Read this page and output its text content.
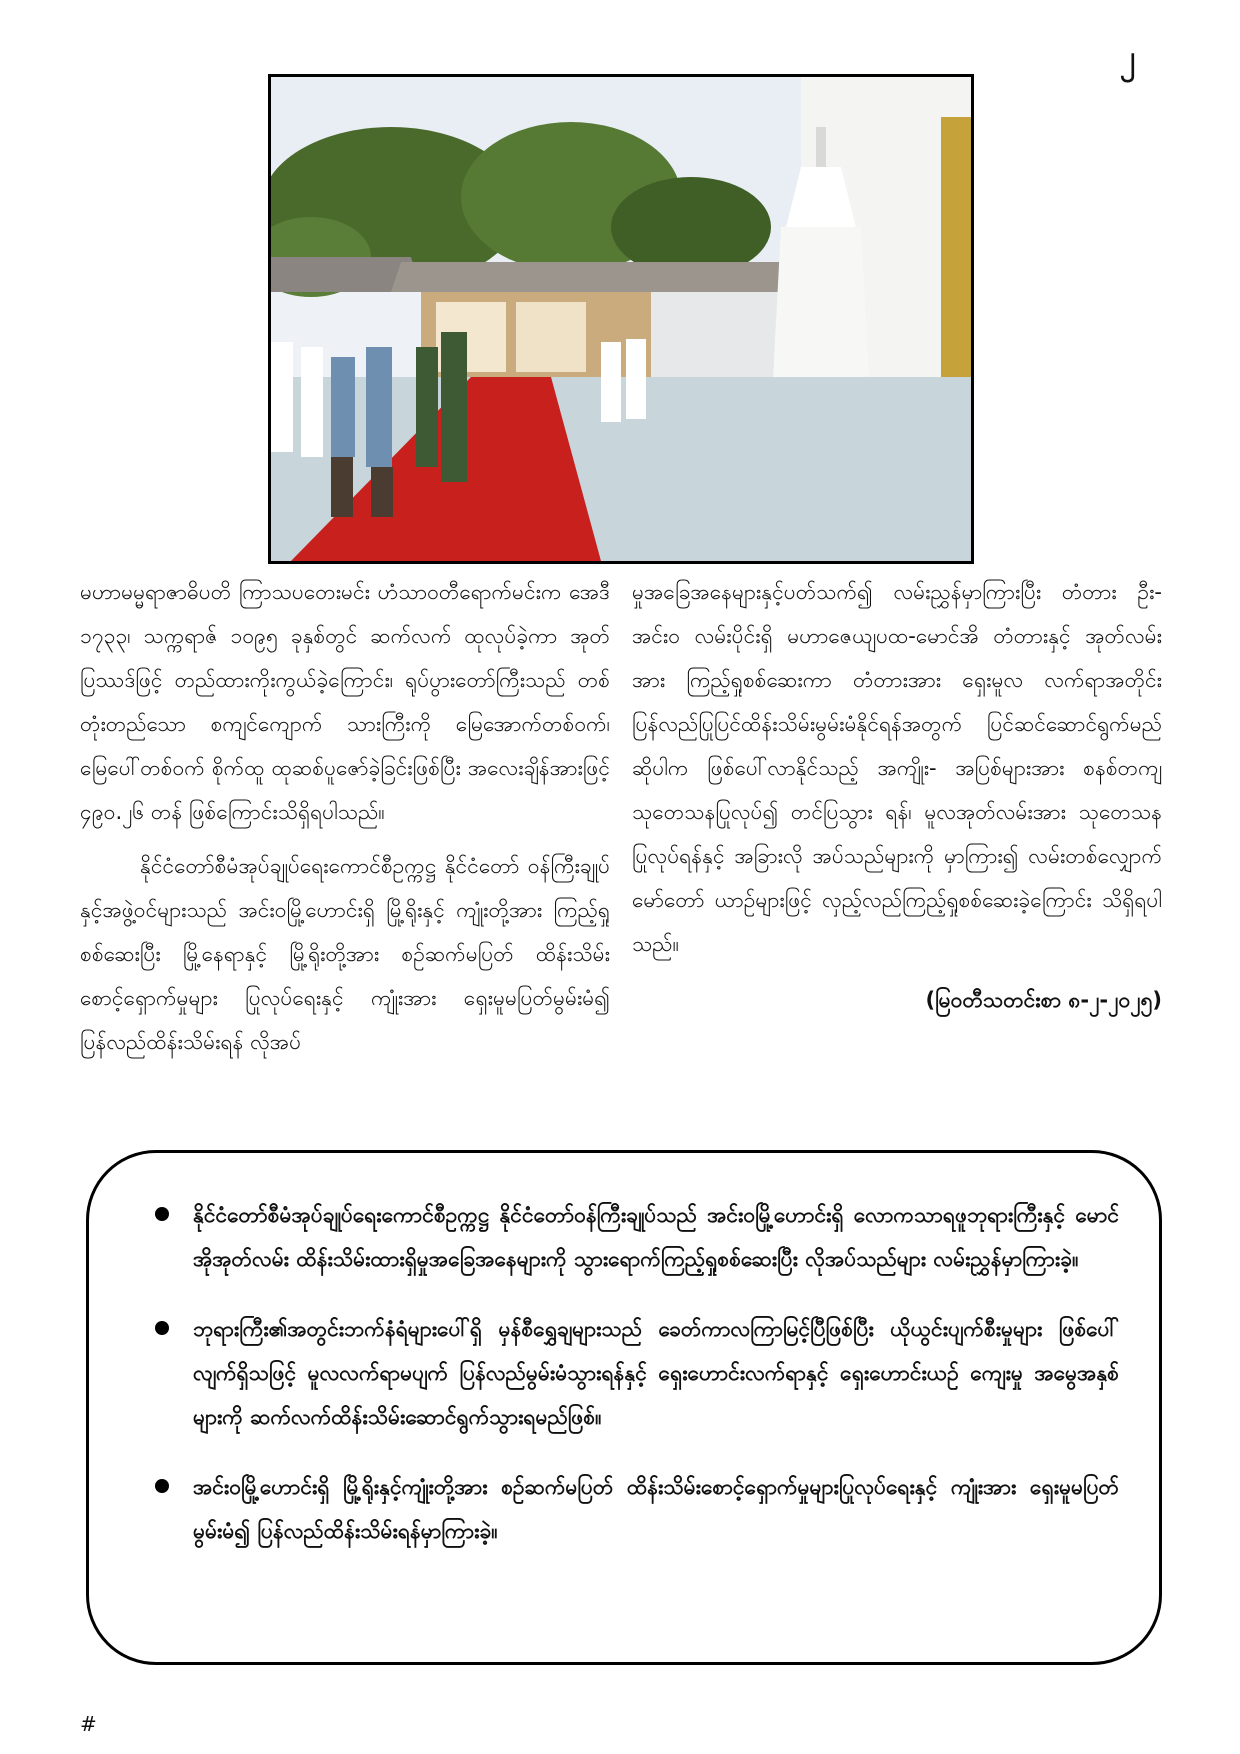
၂

မဟာမမ္မရာဇာဓိပတိ ကြာသပတေးမင်း ဟံသာဝတီရောက်မင်းက အေဒီ ၁၇၃၃၊ သက္ကရာဇ် ၁၀၉၅ ခုနှစ်တွင် ဆက်လက် ထုလုပ်ခဲ့ကာ အုတ်ပြဿဒ်ဖြင့် တည်ထားကိုးကွယ်ခဲ့ကြောင်း၊ ရုပ်ပွားတော်ကြီးသည် တစ်တုံးတည်သော စကျင်ကျောက် သားကြီးကို မြေအောက်တစ်ဝက်၊ မြေပေါ်တစ်ဝက် စိုက်ထူ ထုဆစ်ပူဇော်ခဲ့ခြင်းဖြစ်ပြီး အလေးချိန်အားဖြင့် ၄၉၀.၂၆ တန် ဖြစ်ကြောင်းသိရှိရပါသည်။

နိုင်ငံတော်စီမံအုပ်ချုပ်ရေးကောင်စီဥက္ကဋ္ဌ နိုင်ငံတော် ဝန်ကြီးချုပ်နှင့်အဖွဲ့ဝင်များသည် အင်းဝမြို့ဟောင်းရှိ မြို့ရိုးနှင့် ကျုံးတို့အား ကြည့်ရှုစစ်ဆေးပြီး မြို့နေရာနှင့် မြို့ရိုးတို့အား စဉ်ဆက်မပြတ် ထိန်းသိမ်းစောင့်ရှောက်မှုများ ပြုလုပ်ရေးနှင့် ကျုံးအား ရှေးမူမပြတ်မွမ်းမံ၍ ပြန်လည်ထိန်းသိမ်းရန် လိုအပ်

မှုအခြေအနေများနှင့်ပတ်သက်၍ လမ်းညွှန်မှာကြားပြီး တံတား ဦး-အင်း၀ လမ်းပိုင်းရှိ မဟာဇေယျပထ-မောင်အိ တံတားနှင့် အုတ်လမ်းအား ကြည့်ရှုစစ်ဆေးကာ တံတားအား ရှေးမူလ လက်ရာအတိုင်း ပြန်လည်ပြုပြင်ထိန်းသိမ်းမွမ်းမံနိုင်ရန်အတွက် ပြင်ဆင်ဆောင်ရွက်မည်ဆိုပါက ဖြစ်ပေါ်လာနိုင်သည့် အကျိုး- အပြစ်များအား စနစ်တကျ သုတေသနပြုလုပ်၍ တင်ပြသွား ရန်၊ မူလအုတ်လမ်းအား သုတေသနပြုလုပ်ရန်နှင့် အခြားလို အပ်သည်များကို မှာကြား၍ လမ်းတစ်လျှောက် မော်တော် ယာဉ်များဖြင့် လှည့်လည်ကြည့်ရှုစစ်ဆေးခဲ့ကြောင်း သိရှိရပါ သည်။

(မြဝတီသတင်းစာ ၈-၂-၂၀၂၅)

နိုင်ငံတော်စီမံအုပ်ချုပ်ရေးကောင်စီဥက္ကဋ္ဌ နိုင်ငံတော်ဝန်ကြီးချုပ်သည် အင်းဝမြို့ဟောင်းရှိ လောကသာရဖူဘုရားကြီးနှင့် မောင်အိုအုတ်လမ်း ထိန်းသိမ်းထားရှိမှုအခြေအနေများကို သွားရောက်ကြည့်ရှုစစ်ဆေးပြီး လိုအပ်သည်များ လမ်းညွှန်မှာကြားခဲ့။
ဘုရားကြီး၏အတွင်းဘက်နံရံများပေါ်ရှိ မှန်စီရွှေချများသည် ခေတ်ကာလကြာမြင့်ပြီဖြစ်ပြီး ယိုယွင်းပျက်စီးမှုများ ဖြစ်ပေါ်လျက်ရှိသဖြင့် မူလလက်ရာမပျက် ပြန်လည်မွမ်းမံသွားရန်နှင့် ရှေးဟောင်းလက်ရာနှင့် ရှေးဟောင်းယဉ် ကျေးမှု အမွေအနှစ်များကို ဆက်လက်ထိန်းသိမ်းဆောင်ရွက်သွားရမည်ဖြစ်။
အင်းဝမြို့ဟောင်းရှိ မြို့ရိုးနှင့်ကျုံးတို့အား စဉ်ဆက်မပြတ် ထိန်းသိမ်းစောင့်ရှောက်မှုများပြုလုပ်ရေးနှင့် ကျုံးအား ရှေးမူမပြတ်မွမ်းမံ၍ ပြန်လည်ထိန်းသိမ်းရန်မှာကြားခဲ့။
#
